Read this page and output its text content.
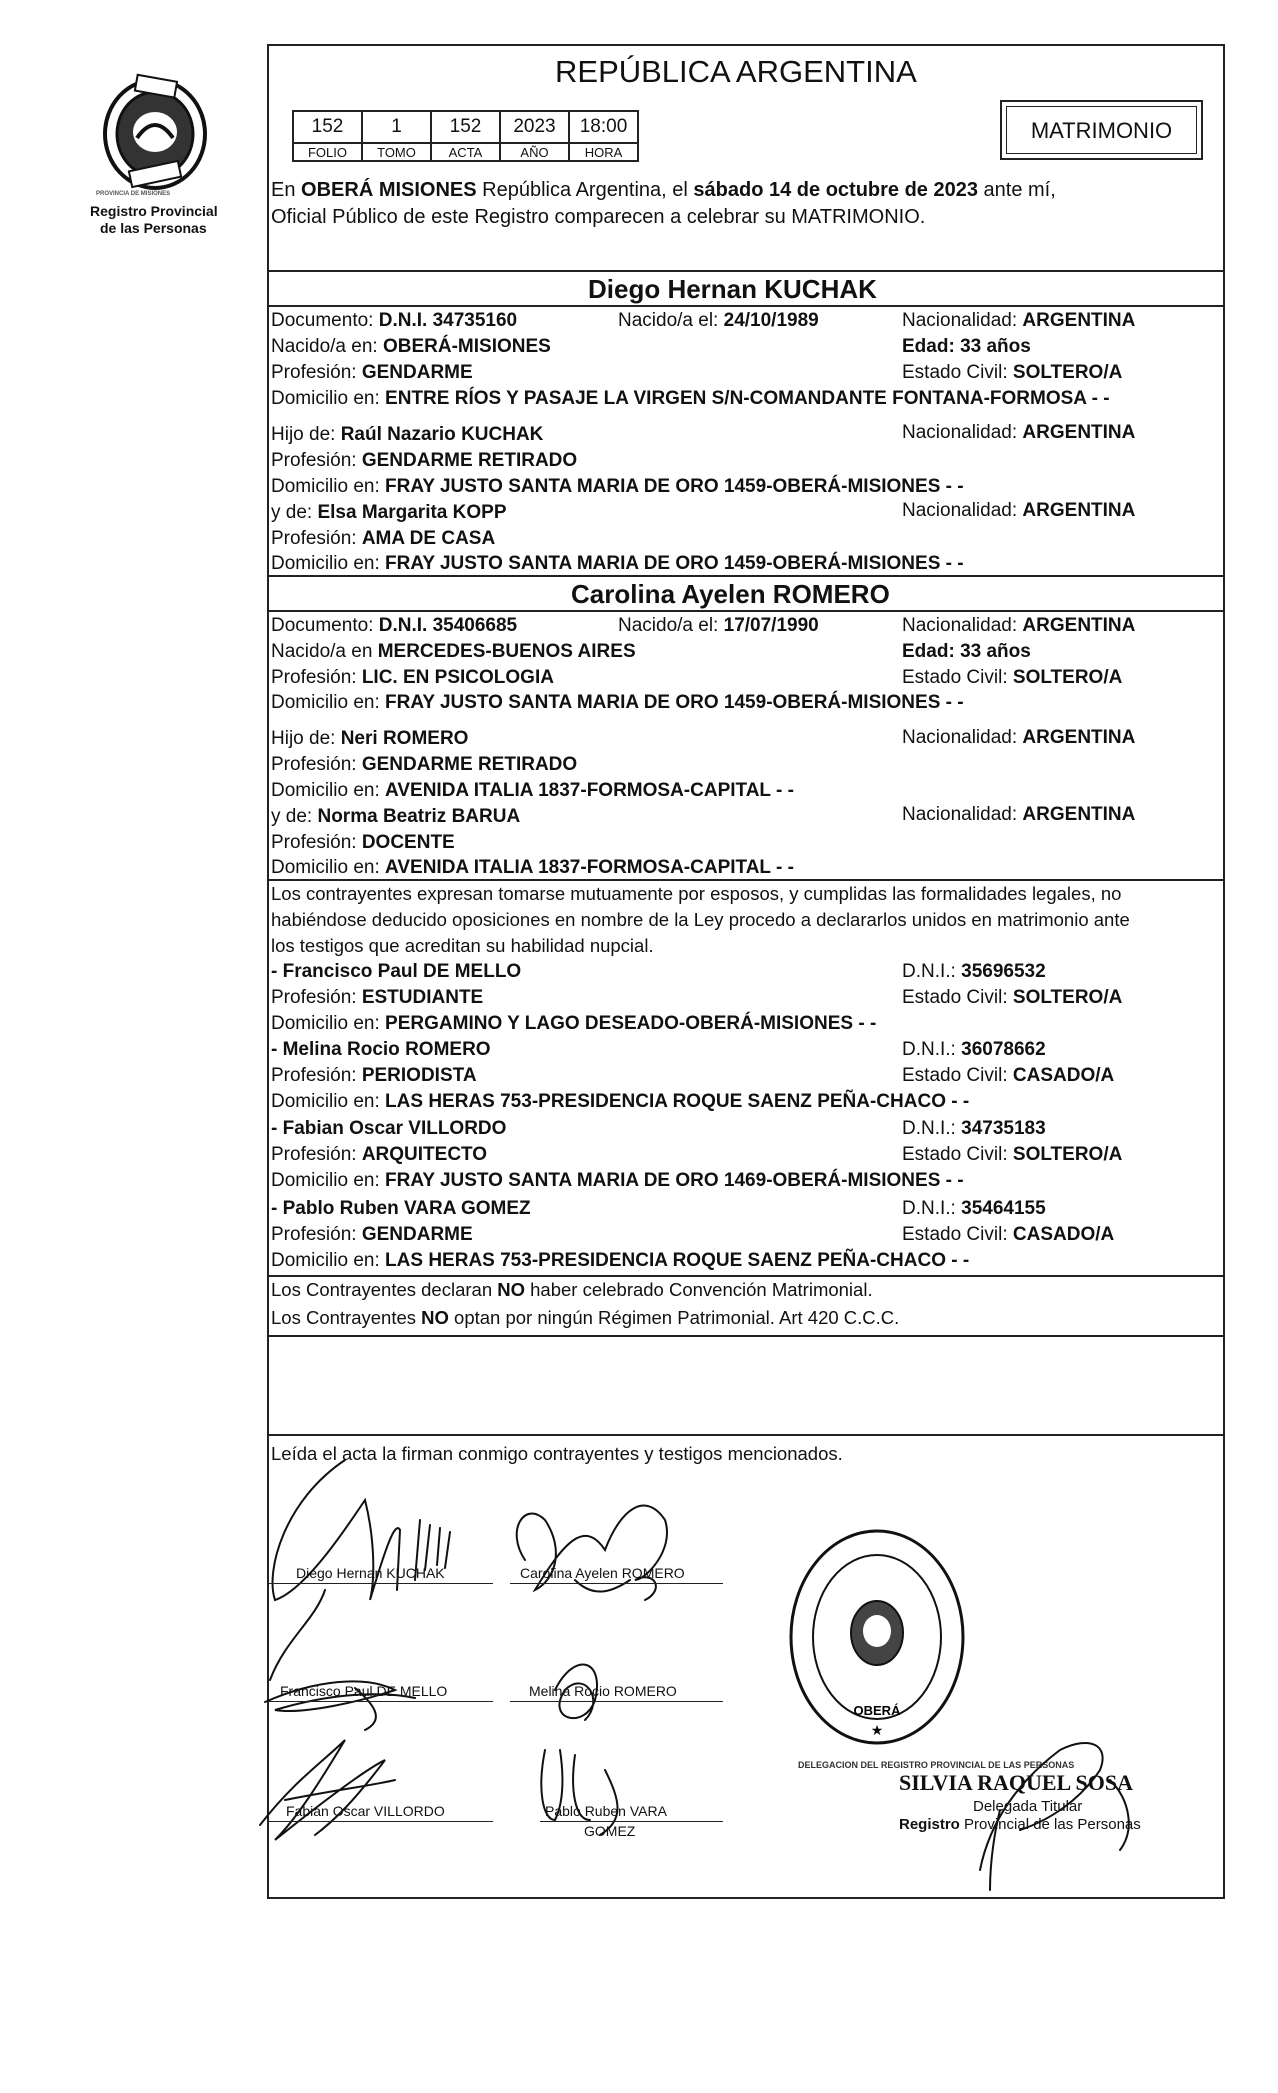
Registro Provincial
de las Personas
REPÚBLICA ARGENTINA
152	1	152	2023	18:00
FOLIO	TOMO	ACTA	AÑO	HORA
MATRIMONIO
En OBERÁ MISIONES República Argentina, el sábado 14 de octubre de 2023 ante mí,
Oficial Público de este Registro comparecen a celebrar su MATRIMONIO.
Diego Hernan KUCHAK
Documento: D.N.I. 34735160	Nacido/a el: 24/10/1989	Nacionalidad: ARGENTINA
Nacido/a en: OBERÁ-MISIONES	Edad: 33 años
Profesión: GENDARME	Estado Civil: SOLTERO/A
Domicilio en: ENTRE RÍOS Y PASAJE LA VIRGEN S/N-COMANDANTE FONTANA-FORMOSA - -
Hijo de: Raúl Nazario KUCHAK	Nacionalidad: ARGENTINA
Profesión: GENDARME RETIRADO
Domicilio en: FRAY JUSTO SANTA MARIA DE ORO 1459-OBERÁ-MISIONES - -
y de: Elsa Margarita KOPP	Nacionalidad: ARGENTINA
Profesión: AMA DE CASA
Domicilio en: FRAY JUSTO SANTA MARIA DE ORO 1459-OBERÁ-MISIONES - -
Carolina Ayelen ROMERO
Documento: D.N.I. 35406685	Nacido/a el: 17/07/1990	Nacionalidad: ARGENTINA
Nacido/a en MERCEDES-BUENOS AIRES	Edad: 33 años
Profesión: LIC. EN PSICOLOGIA	Estado Civil: SOLTERO/A
Domicilio en: FRAY JUSTO SANTA MARIA DE ORO 1459-OBERÁ-MISIONES - -
Hijo de: Neri ROMERO	Nacionalidad: ARGENTINA
Profesión: GENDARME RETIRADO
Domicilio en: AVENIDA ITALIA 1837-FORMOSA-CAPITAL - -
y de: Norma Beatriz BARUA	Nacionalidad: ARGENTINA
Profesión: DOCENTE
Domicilio en: AVENIDA ITALIA 1837-FORMOSA-CAPITAL - -
Los contrayentes expresan tomarse mutuamente por esposos, y cumplidas las formalidades legales, no
habiéndose deducido oposiciones en nombre de la Ley procedo a declararlos unidos en matrimonio ante
los testigos que acreditan su habilidad nupcial.
- Francisco Paul DE MELLO	D.N.I.: 35696532
Profesión: ESTUDIANTE	Estado Civil: SOLTERO/A
Domicilio en: PERGAMINO Y LAGO DESEADO-OBERÁ-MISIONES - -
- Melina Rocio ROMERO	D.N.I.: 36078662
Profesión: PERIODISTA	Estado Civil: CASADO/A
Domicilio en: LAS HERAS 753-PRESIDENCIA ROQUE SAENZ PEÑA-CHACO - -
- Fabian Oscar VILLORDO	D.N.I.: 34735183
Profesión: ARQUITECTO	Estado Civil: SOLTERO/A
Domicilio en: FRAY JUSTO SANTA MARIA DE ORO 1469-OBERÁ-MISIONES - -
- Pablo Ruben VARA GOMEZ	D.N.I.: 35464155
Profesión: GENDARME	Estado Civil: CASADO/A
Domicilio en: LAS HERAS 753-PRESIDENCIA ROQUE SAENZ PEÑA-CHACO - -
Los Contrayentes declaran NO haber celebrado Convención Matrimonial.
Los Contrayentes NO optan por ningún Régimen Patrimonial. Art 420 C.C.C.
Leída el acta la firman conmigo contrayentes y testigos mencionados.
Diego Hernan KUCHAK	Carolina Ayelen ROMERO
Francisco Paul DE MELLO	Melina Rocio ROMERO
Fabian Oscar VILLORDO	Pablo Ruben VARA
GOMEZ
OBERÁ
★
DELEGACION DEL REGISTRO PROVINCIAL DE LAS PERSONAS
PROVINCIA DE MISIONES
SILVIA RAQUEL SOSA
Delegada Titular
Registro Provincial de las Personas
